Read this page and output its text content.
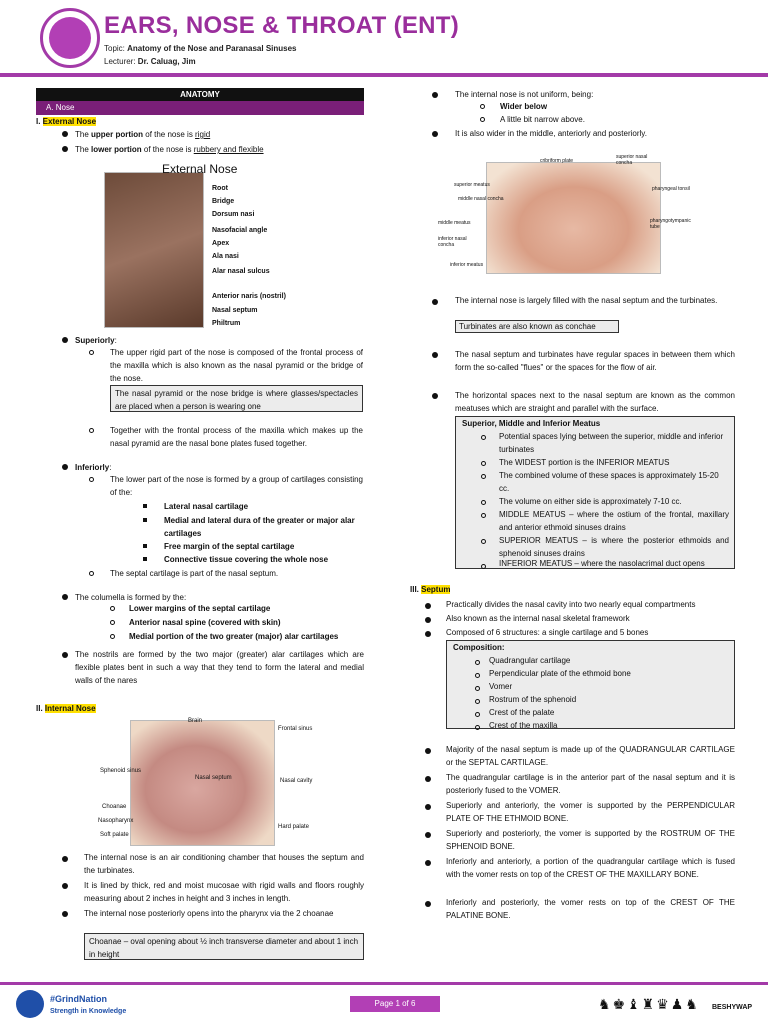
EARS, NOSE & THROAT (ENT)
Topic: Anatomy of the Nose and Paranasal Sinuses
Lecturer: Dr. Caluag, Jim
ANATOMY
A. Nose
I. External Nose
The upper portion of the nose is rigid
The lower portion of the nose is rubbery and flexible
External Nose
Root
Bridge
Dorsum nasi
Nasofacial angle
Apex
Ala nasi
Alar nasal sulcus
Anterior naris (nostril)
Nasal septum
Philtrum
Superiorly:
The upper rigid part of the nose is composed of the frontal process of the maxilla which is also known as the nasal pyramid or the bridge of the nose.
The nasal pyramid or the nose bridge is where glasses/spectacles are placed when a person is wearing one
Together with the frontal process of the maxilla which makes up the nasal pyramid are the nasal bone plates fused together.
Inferiorly:
The lower part of the nose is formed by a group of cartilages consisting of the:
Lateral nasal cartilage
Medial and lateral dura of the greater or major alar cartilages
Free margin of the septal cartilage
Connective tissue covering the whole nose
The septal cartilage is part of the nasal septum.
The columella is formed by the:
Lower margins of the septal cartilage
Anterior nasal spine (covered with skin)
Medial portion of the two greater (major) alar cartilages
The nostrils are formed by the two major (greater) alar cartilages which are flexible plates bent in such a way that they tend to form the lateral and medial walls of the nares
II. Internal Nose
Brain
Frontal sinus
Sphenoid sinus
Nasal septum	Nasal cavity
Choanae
Nasopharynx
Soft palate
Hard palate
The internal nose is an air conditioning chamber that houses the septum and the turbinates.
It is lined by thick, red and moist mucosae with rigid walls and floors roughly measuring about 2 inches in height and 3 inches in length.
The internal nose posteriorly opens into the pharynx via the 2 choanae
Choanae – oval opening about ½ inch transverse diameter and about 1 inch in height
The internal nose is not uniform, being:
Wider below
A little bit narrow above.
It is also wider in the middle, anteriorly and posteriorly.
cribriform plate
superior nasal concha
superior meatus
pharyngeal tonsil
middle nasal concha
middle meatus	pharyngotympanic tube
inferior nasal concha
inferior meatus
The internal nose is largely filled with the nasal septum and the turbinates.
Turbinates are also known as conchae
The nasal septum and turbinates have regular spaces in between them which form the so-called "flues" or the spaces for the flow of air.
The horizontal spaces next to the nasal septum are known as the common meatuses which are straight and parallel with the surface.
Superior, Middle and Inferior Meatus
Potential spaces lying between the superior, middle and inferior turbinates
The WIDEST portion is the INFERIOR MEATUS
The combined volume of these spaces is approximately 15-20 cc.
The volume on either side is approximately 7-10 cc.
MIDDLE MEATUS – where the ostium of the frontal, maxillary and anterior ethmoid sinuses drains
SUPERIOR MEATUS – is where the posterior ethmoids and sphenoid sinuses drains
INFERIOR MEATUS – where the nasolacrimal duct opens
III. Septum
Practically divides the nasal cavity into two nearly equal compartments
Also known as the internal nasal skeletal framework
Composed of 6 structures: a single cartilage and 5 bones
Composition:
Quadrangular cartilage
Perpendicular plate of the ethmoid bone
Vomer
Rostrum of the sphenoid
Crest of the palate
Crest of the maxilla
Majority of the nasal septum is made up of the QUADRANGULAR CARTILAGE or the SEPTAL CARTILAGE.
The quadrangular cartilage is in the anterior part of the nasal septum and it is posteriorly fused to the VOMER.
Superiorly and anteriorly, the vomer is supported by the PERPENDICULAR PLATE OF THE ETHMOID BONE.
Superiorly and posteriorly, the vomer is supported by the ROSTRUM OF THE SPHENOID BONE.
Inferiorly and anteriorly, a portion of the quadrangular cartilage which is fused with the vomer rests on top of the CREST OF THE MAXILLARY BONE.
Inferiorly and posteriorly, the vomer rests on top of the CREST OF THE PALATINE BONE.
#GrindNation
Strength in Knowledge
Page 1 of 6	♞♚♝♜♛♟♞ BESHYWAP
